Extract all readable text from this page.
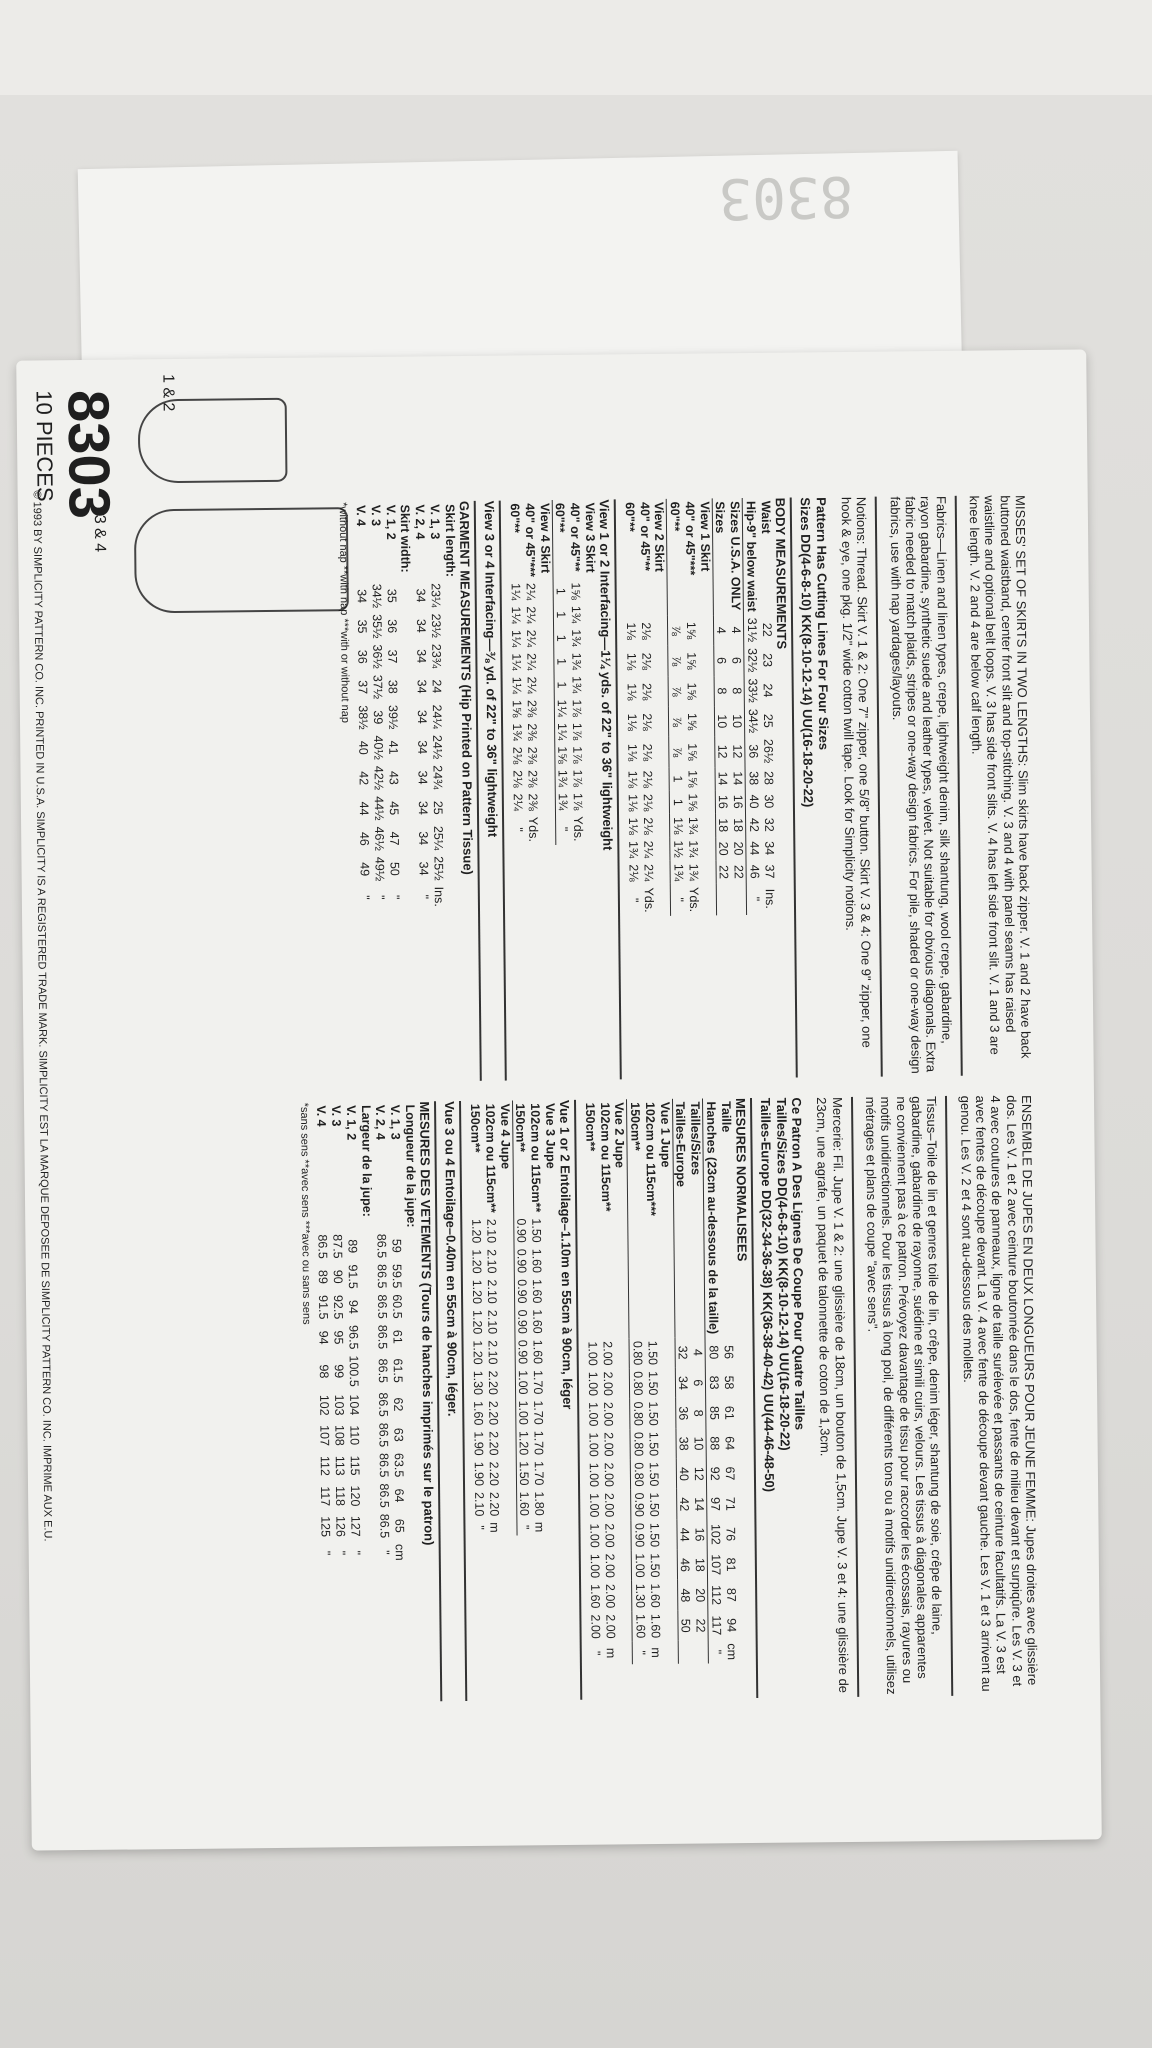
8303
8303
10 PIECES	1 & 2
3 & 4	MISSES' SET OF SKIRTS IN TWO LENGTHS: Slim skirts have back zipper. V. 1 and 2 have back buttoned waistband, center front slit and top-stitching. V. 3 and 4 with panel seams has raised waistline and optional belt loops. V. 3 has side front slits. V. 4 has left side front slit. V. 1 and 3 are knee length. V. 2 and 4 are below calf length.

Fabrics—Linen and linen types, crepe, lightweight denim, silk shantung, wool crepe, gabardine, rayon gabardine, synthetic suede and leather types, velvet. Not suitable for obvious diagonals. Extra fabric needed to match plaids, stripes or one-way design fabrics. For pile, shaded or one-way design fabrics, use with nap yardages/layouts.

Notions: Thread. Skirt V. 1 & 2: One 7" zipper, one 5/8" button. Skirt V. 3 & 4: One 9" zipper, one hook & eye, one pkg. 1/2" wide cotton twill tape. Look for Simplicity notions.

Pattern Has Cutting Lines For Four Sizes
Sizes DD(4-6-8-10) KK(8-10-12-14) UU(16-18-20-22)
BODY MEASUREMENTS
Waist	22	23	24	25	26½	28	30	32	34	37	Ins.
Hip-9" below waist	31½	32½	33½	34½	36	38	40	42	44	46	"
Sizes U.S.A. ONLY	4	6	8	10	12	14	16	18	20	22	
Sizes	4	6	8	10	12	14	16	18	20	22	
View 1 Skirt											
40" or 45"***	1⅝	1⅝	1⅝	1⅝	1⅝	1⅝	1⅝	1¾	1¾	1¾	Yds.
60"**	⅞	⅞	⅞	⅞	⅞	1	1	1⅛	1½	1¾	"
View 2 Skirt											
40" or 45"**	2⅛	2⅛	2⅛	2⅛	2⅛	2⅛	2⅛	2⅛	2¼	2¼	Yds.
60"**	1⅛	1⅛	1⅛	1⅛	1⅛	1⅛	1⅛	1⅛	1¾	2⅛	"
View 1 or 2 Interfacing—1¼ yds. of 22" to 36" lightweight
View 3 Skirt											
40" or 45"**	1⅝	1¾	1¾	1¾	1¾	1⅞	1⅞	1⅞	1⅞	1⅞	Yds.
60"**	1	1	1	1	1	1¼	1¼	1⅝	1¾	1¾	"
View 4 Skirt											
40" or 45"***	2¼	2¼	2¼	2¼	2¼	2⅜	2⅜	2⅜	2⅜	2⅜	Yds.
60"**	1¼	1¼	1¼	1¼	1¼	1⅝	1¾	2⅛	2⅛	2¼	"
View 3 or 4 Interfacing—⅜ yd. of 22" to 36" lightweight
GARMENT MEASUREMENTS (Hip Printed on Pattern Tissue)
Skirt length:											
V. 1, 3	23¼	23½	23¾	24	24¼	24½	24¾	25	25¼	25½	Ins.
V. 2, 4	34	34	34	34	34	34	34	34	34	34	"
Skirt width:											
V. 1, 2	35	36	37	38	39½	41	43	45	47	50	"
V. 3	34½	35½	36½	37½	39	40½	42½	44½	46½	49½	"
V. 4	34	35	36	37	38½	40	42	44	46	49	"
*without nap **with nap ***with or without nap

ENSEMBLE DE JUPES EN DEUX LONGUEURS POUR JEUNE FEMME: Jupes droites avec glissière dos. Les V. 1 et 2 avec ceinture boutonnée dans le dos, fente de milieu devant et surpiqûre. Les V. 3 et 4 avec coutures de panneaux, ligne de taille surélevée et passants de ceinture facultatifs. La V. 3 est avec fentes de découpe devant. La V. 4 avec fente de découpe devant gauche. Les V. 1 et 3 arrivent au genou. Les V. 2 et 4 sont au-dessous des mollets.

Tissus–Toile de lin et genres toile de lin, crêpe, denim léger, shantung de soie, crêpe de laine, gabardine, gabardine de rayonne, suédine et simili cuirs, velours. Les tissus à diagonales apparentes ne conviennent pas à ce patron. Prévoyez davantage de tissu pour raccorder les écossais, rayures ou motifs unidirectionnels. Pour les tissus à long poil, de différents tons ou à motifs unidirectionnels, utilisez métrages et plans de coupe "avec sens".

Mercerie: Fil. Jupe V. 1 & 2: une glissière de 18cm, un bouton de 1,5cm. Jupe V. 3 et 4: une glissière de 23cm, une agrafe, un paquet de talonnette de coton de 1,3cm.

Ce Patron A Des Lignes De Coupe Pour Quatre Tailles
Tailles/Sizes DD(4-6-8-10) KK(8-10-12-14) UU(16-18-20-22)
Tailles-Europe DD(32-34-36-38) KK(36-38-40-42) UU(44-46-48-50)
MESURES NORMALISEES
Taille	56	58	61	64	67	71	76	81	87	94	cm
Hanches (23cm au-dessous de la taille)	80	83	85	88	92	97	102	107	112	117	"
Tailles/Sizes	4	6	8	10	12	14	16	18	20	22	
Tailles-Europe	32	34	36	38	40	42	44	46	48	50	
Vue 1 Jupe											
102cm ou 115cm***	1.50	1.50	1.50	1.50	1.50	1.50	1.50	1.50	1.60	1.60	m
150cm**	0.80	0.80	0.80	0.80	0.80	0.90	0.90	1.00	1.30	1.60	"
Vue 2 Jupe											
102cm ou 115cm**	2.00	2.00	2.00	2.00	2.00	2.00	2.00	2.00	2.00	2.00	m
150cm**	1.00	1.00	1.00	1.00	1.00	1.00	1.00	1.00	1.60	2.00	"
Vue 1 or 2 Entoilage–1.10m en 55cm à 90cm, léger
Vue 3 Jupe											
102cm ou 115cm**	1.50	1.60	1.60	1.60	1.60	1.70	1.70	1.70	1.70	1.80	m
150cm**	0.90	0.90	0.90	0.90	0.90	1.00	1.00	1.20	1.50	1.60	"
Vue 4 Jupe											
102cm ou 115cm**	2.10	2.10	2.10	2.10	2.10	2.20	2.20	2.20	2.20	2.20	m
150cm**	1.20	1.20	1.20	1.20	1.20	1.30	1.60	1.90	1.90	2.10	"
Vue 3 ou 4 Entoilage–0.40m en 55cm à 90cm, léger.
MESURES DES VETEMENTS (Tours de hanches imprimés sur le patron)
Longueur de la jupe:											
V. 1, 3	59	59.5	60.5	61	61.5	62	63	63.5	64	65	cm
V. 2, 4	86.5	86.5	86.5	86.5	86.5	86.5	86.5	86.5	86.5	86.5	"
Largeur de la jupe:											
V. 1, 2	89	91.5	94	96.5	100.5	104	110	115	120	127	"
V. 3	87.5	90	92.5	95	99	103	108	113	118	126	"
V. 4	86.5	89	91.5	94	98	102	107	112	117	125	"
*sans sens **avec sens ***avec ou sans sens
© 1993 BY SIMPLICITY PATTERN CO. INC. PRINTED IN U.S.A. SIMPLICITY IS A REGISTERED TRADE MARK. SIMPLICITY EST LA MARQUE DEPOSEE DE SIMPLICITY PATTERN CO. INC. IMPRIME AUX E.U.
